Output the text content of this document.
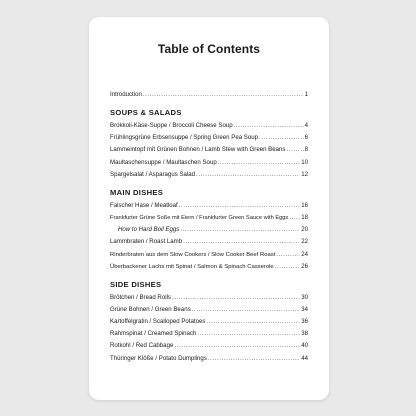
Table of Contents
Introduction .....	1
SOUPS & SALADS
Brokkoli-Käse-Suppe / Broccoli Cheese Soup .....	4
Frühlingsgrüne Erbsensuppe / Spring Green Pea Soup .....	6
Lammeintopf mit Grünen Bohnen / Lamb Stew with Green Beans .....	8
Maultaschensuppe / Maultaschen Soup .....	10
Spargelsalat / Asparagus Salad .....	12
MAIN DISHES
Falscher Hase / Meatloaf .....	16
Frankfurter Grüne Soße mit Eiern / Frankfurter Green Sauce with Eggs ..... 18
How to Hard Boil Eggs .....	20
Lammbraten / Roast Lamb .....	22
Rinderbraten aus dem Slow Cookers / Slow Cooker Beef Roast .....	24
Überbackener Lachs mit Spinat / Salmon & Spinach Casserole .....	26
SIDE DISHES
Brötchen / Bread Rolls .....	30
Grüne Bohnen / Green Beans .....	34
Kartoffelgratin / Scalloped Potatoes .....	36
Rahmspinat / Creamed Spinach .....	38
Rotkohl / Red Cabbage .....	40
Thüringer Klöße / Potato Dumplings .....	44
